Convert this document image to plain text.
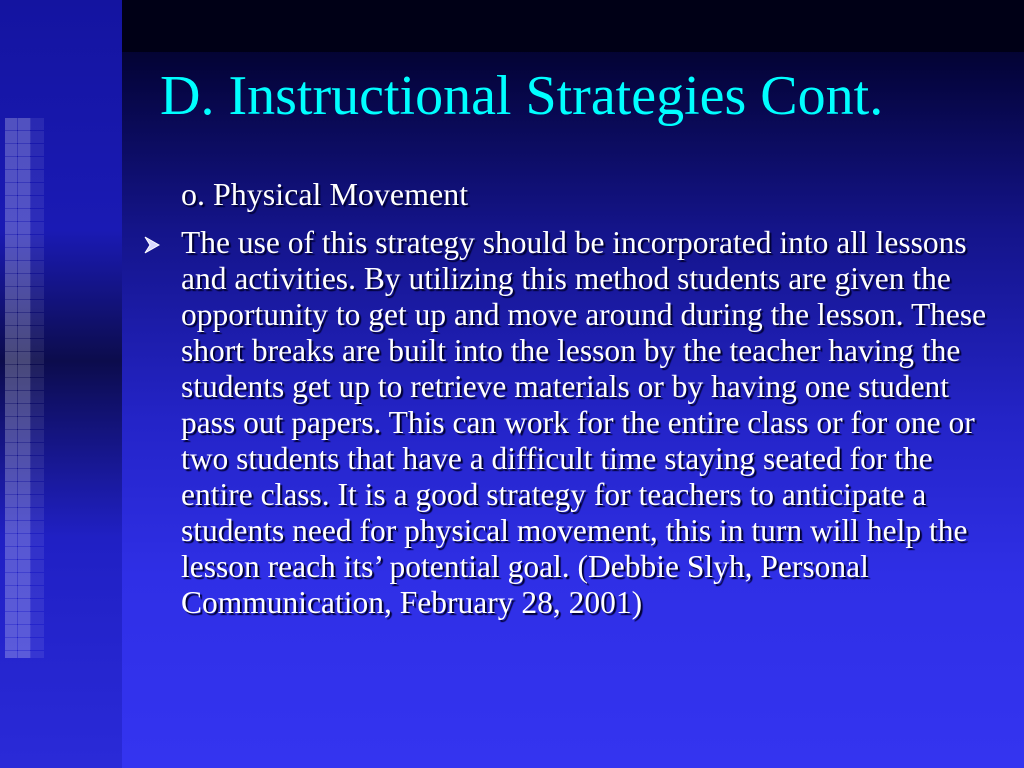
D. Instructional Strategies Cont.
o. Physical Movement

The use of this strategy should be incorporated into all lessons and activities. By utilizing this method students are given the opportunity to get up and move around during the lesson. These short breaks are built into the lesson by the teacher having the students get up to retrieve materials or by having one student pass out papers. This can work for the entire class or for one or two students that have a difficult time staying seated for the entire class. It is a good strategy for teachers to anticipate a students need for physical movement, this in turn will help the lesson reach its’ potential goal. (Debbie Slyh, Personal Communication, February 28, 2001)
